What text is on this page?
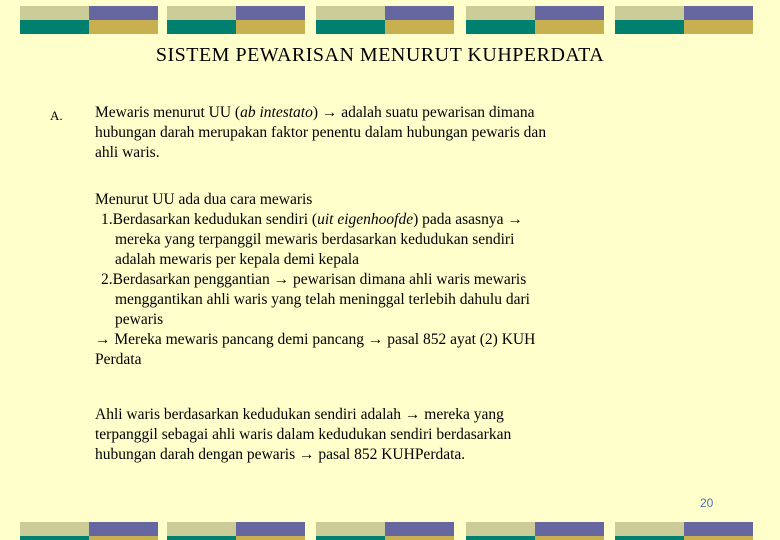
SISTEM PEWARISAN MENURUT KUHPERDATA
A. Mewaris menurut UU (ab intestato) → adalah suatu pewarisan dimana
hubungan darah merupakan faktor penentu dalam hubungan pewaris dan
ahli waris.
Menurut UU ada dua cara mewaris
1.Berdasarkan kedudukan sendiri (uit eigenhoofde) pada asasnya →
mereka yang terpanggil mewaris berdasarkan kedudukan sendiri
adalah mewaris per kepala demi kepala
2.Berdasarkan penggantian → pewarisan dimana ahli waris mewaris
menggantikan ahli waris yang telah meninggal terlebih dahulu dari
pewaris
→ Mereka mewaris pancang demi pancang → pasal 852 ayat (2) KUH
Perdata
Ahli waris berdasarkan kedudukan sendiri adalah → mereka yang
terpanggil sebagai ahli waris dalam kedudukan sendiri berdasarkan
hubungan darah dengan pewaris → pasal 852 KUHPerdata.
20
